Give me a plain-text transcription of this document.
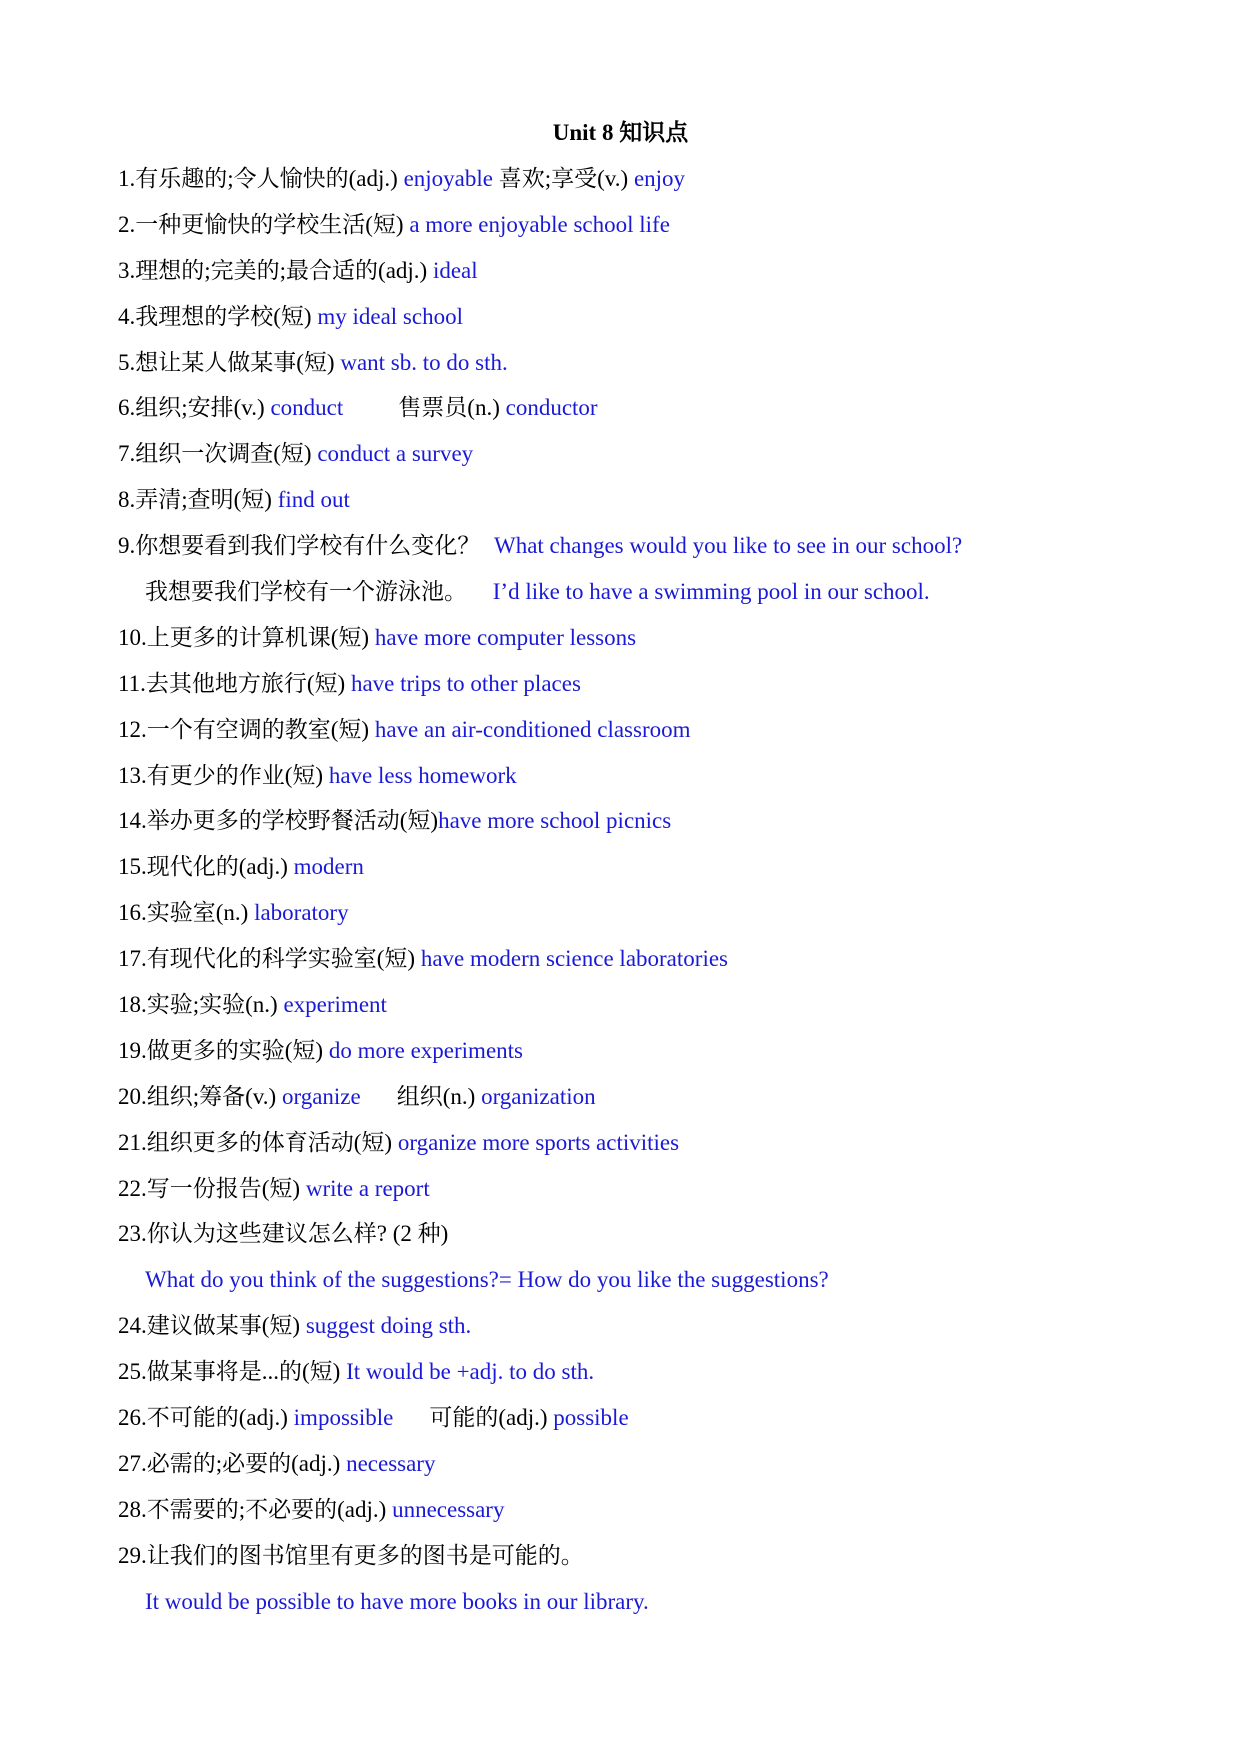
Unit 8 知识点
1.有乐趣的;令人愉快的(adj.) enjoyable 喜欢;享受(v.) enjoy
2.一种更愉快的学校生活(短) a more enjoyable school life
3.理想的;完美的;最合适的(adj.) ideal
4.我理想的学校(短) my ideal school
5.想让某人做某事(短) want sb. to do sth.
6.组织;安排(v.) conduct 售票员(n.) conductor
7.组织一次调查(短) conduct a survey
8.弄清;查明(短) find out
9.你想要看到我们学校有什么变化？ What changes would you like to see in our school?
我想要我们学校有一个游泳池。 I’d like to have a swimming pool in our school.
10.上更多的计算机课(短) have more computer lessons
11.去其他地方旅行(短) have trips to other places
12.一个有空调的教室(短) have an air-conditioned classroom
13.有更少的作业(短) have less homework
14.举办更多的学校野餐活动(短)have more school picnics
15.现代化的(adj.) modern
16.实验室(n.) laboratory
17.有现代化的科学实验室(短) have modern science laboratories
18.实验;实验(n.) experiment
19.做更多的实验(短) do more experiments
20.组织;筹备(v.) organize 组织(n.) organization
21.组织更多的体育活动(短) organize more sports activities
22.写一份报告(短) write a report
23.你认为这些建议怎么样? (2 种)
What do you think of the suggestions?= How do you like the suggestions?
24.建议做某事(短) suggest doing sth.
25.做某事将是...的(短) It would be +adj. to do sth.
26.不可能的(adj.) impossible 可能的(adj.) possible
27.必需的;必要的(adj.) necessary
28.不需要的;不必要的(adj.) unnecessary
29.让我们的图书馆里有更多的图书是可能的。
It would be possible to have more books in our library.
